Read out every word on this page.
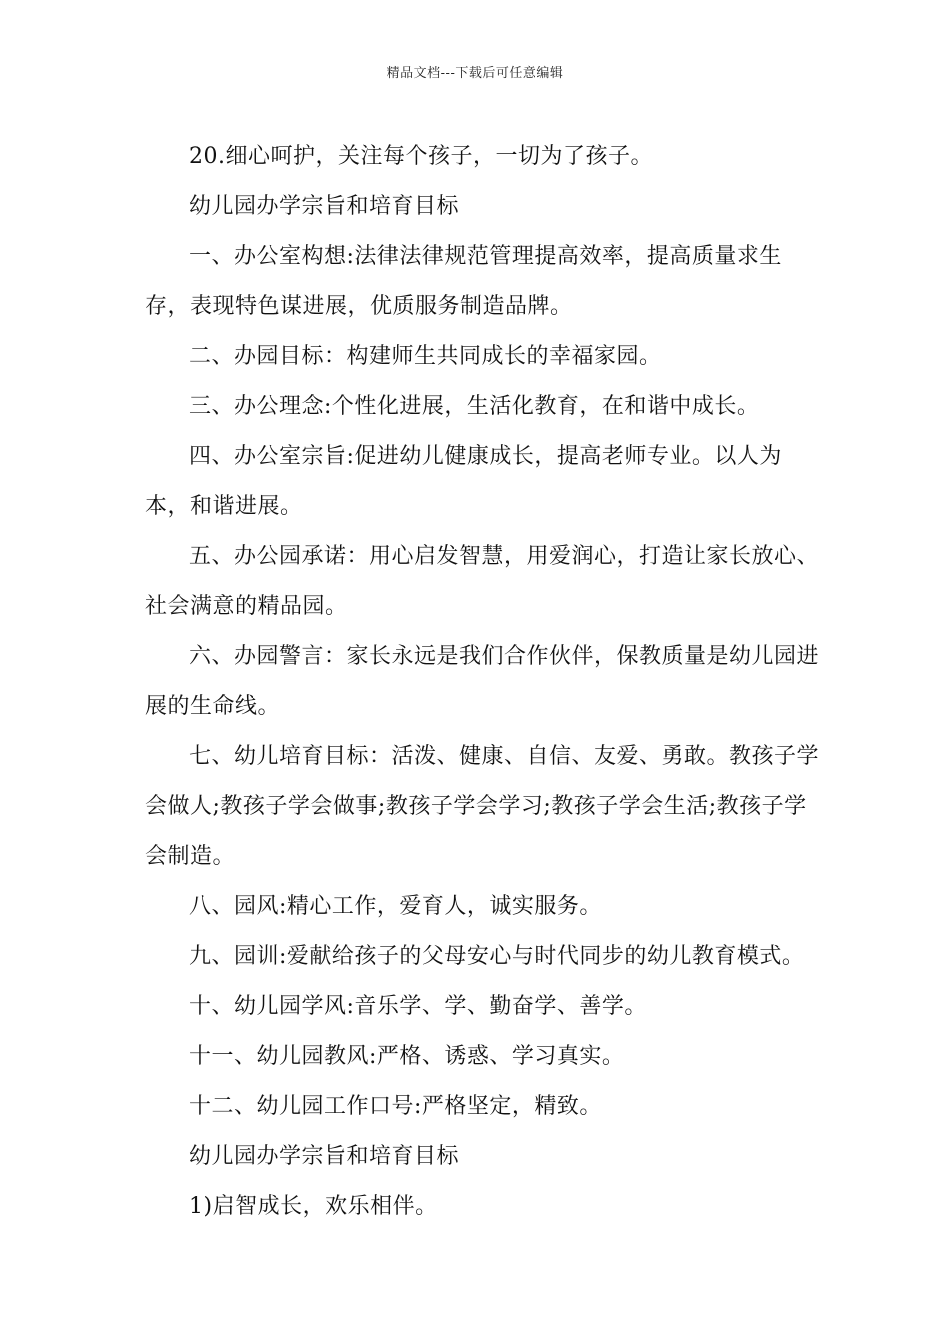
精品文档---下载后可任意编辑

20.细心呵护，关注每个孩子，一切为了孩子。

幼儿园办学宗旨和培育目标

一、办公室构想:法律法律规范管理提高效率，提高质量求生存，表现特色谋进展，优质服务制造品牌。

二、办园目标：构建师生共同成长的幸福家园。

三、办公理念:个性化进展，生活化教育，在和谐中成长。

四、办公室宗旨:促进幼儿健康成长，提高老师专业。以人为本，和谐进展。

五、办公园承诺：用心启发智慧，用爱润心，打造让家长放心、社会满意的精品园。

六、办园警言：家长永远是我们合作伙伴，保教质量是幼儿园进展的生命线。

七、幼儿培育目标：活泼、健康、自信、友爱、勇敢。教孩子学会做人;教孩子学会做事;教孩子学会学习;教孩子学会生活;教孩子学会制造。

八、园风:精心工作，爱育人，诚实服务。

九、园训:爱献给孩子的父母安心与时代同步的幼儿教育模式。

十、幼儿园学风:音乐学、学、勤奋学、善学。

十一、幼儿园教风:严格、诱惑、学习真实。

十二、幼儿园工作口号:严格坚定，精致。

幼儿园办学宗旨和培育目标

1)启智成长，欢乐相伴。
